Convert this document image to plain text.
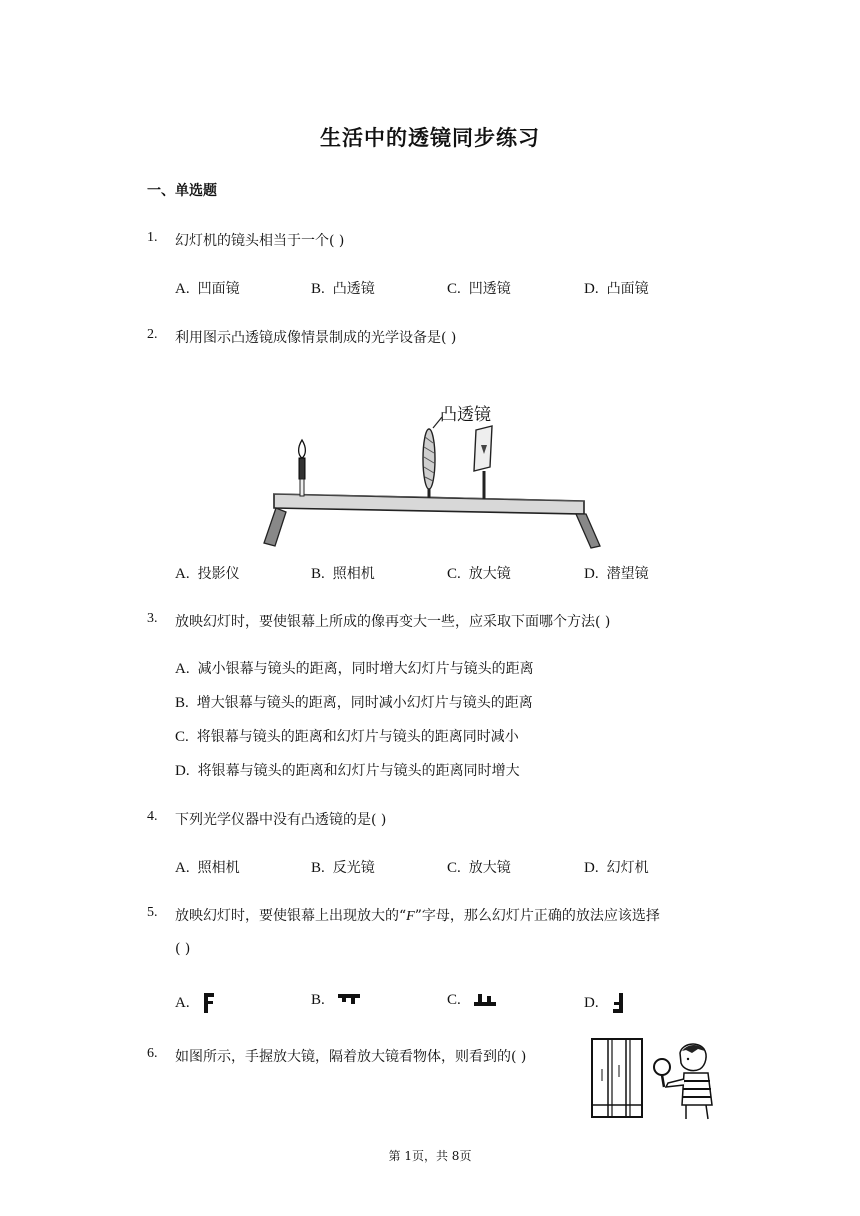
生活中的透镜同步练习
一、单选题
1. 幻灯机的镜头相当于一个( )
A. 凹面镜	B. 凸透镜	C. 凹透镜	D. 凸面镜
2. 利用图示凸透镜成像情景制成的光学设备是( )
凸透镜
A. 投影仪	B. 照相机	C. 放大镜	D. 潜望镜
3. 放映幻灯时，要使银幕上所成的像再变大一些，应采取下面哪个方法( )
A. 减小银幕与镜头的距离，同时增大幻灯片与镜头的距离
B. 增大银幕与镜头的距离，同时减小幻灯片与镜头的距离
C. 将银幕与镜头的距离和幻灯片与镜头的距离同时减小
D. 将银幕与镜头的距离和幻灯片与镜头的距离同时增大
4. 下列光学仪器中没有凸透镜的是( )
A. 照相机	B. 反光镜	C. 放大镜	D. 幻灯机
5. 放映幻灯时，要使银幕上出现放大的“F”字母，那么幻灯片正确的放法应该选择
( )
A.	B.	C.	D.
6. 如图所示，手握放大镜，隔着放大镜看物体，则看到的( )
第 1页，共 8页
